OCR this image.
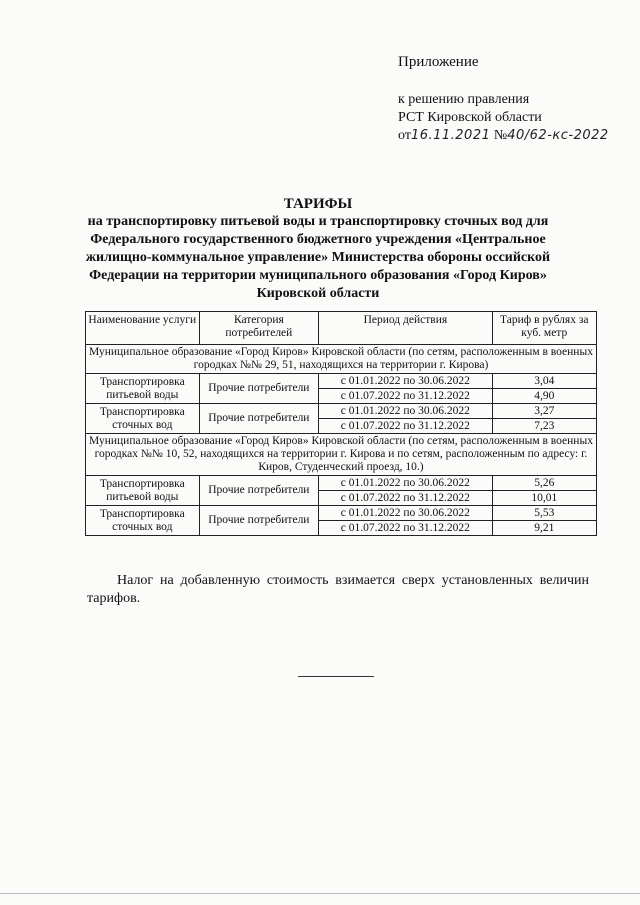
Приложение
к решению правления
РСТ Кировской области
от16.11.2021 №40/62-кс-2022
ТАРИФЫ
на транспортировку питьевой воды и транспортировку сточных вод для Федерального государственного бюджетного учреждения «Центральное жилищно-коммунальное управление» Министерства обороны оссийской Федерации на территории муниципального образования «Город Киров» Кировской области
Наименование услуги	Категория потребителей	Период действия	Тариф в рублях за куб. метр
Муниципальное образование «Город Киров» Кировской области (по сетям, расположенным в военных городках №№ 29, 51, находящихся на территории г. Кирова)			
Транспортировка питьевой воды	Прочие потребители	с 01.01.2022 по 30.06.2022	3,04
		с 01.07.2022 по 31.12.2022	4,90
Транспортировка сточных вод	Прочие потребители	с 01.01.2022 по 30.06.2022	3,27
		с 01.07.2022 по 31.12.2022	7,23
Муниципальное образование «Город Киров» Кировской области (по сетям, расположенным в военных городках №№ 10, 52, находящихся на территории г. Кирова и по сетям, расположенным по адресу: г. Киров, Студенческий проезд, 10.)			
Транспортировка питьевой воды	Прочие потребители	с 01.01.2022 по 30.06.2022	5,26
		с 01.07.2022 по 31.12.2022	10,01
Транспортировка сточных вод	Прочие потребители	с 01.01.2022 по 30.06.2022	5,53
		с 01.07.2022 по 31.12.2022	9,21
Налог на добавленную стоимость взимается сверх установленных величин тарифов.
